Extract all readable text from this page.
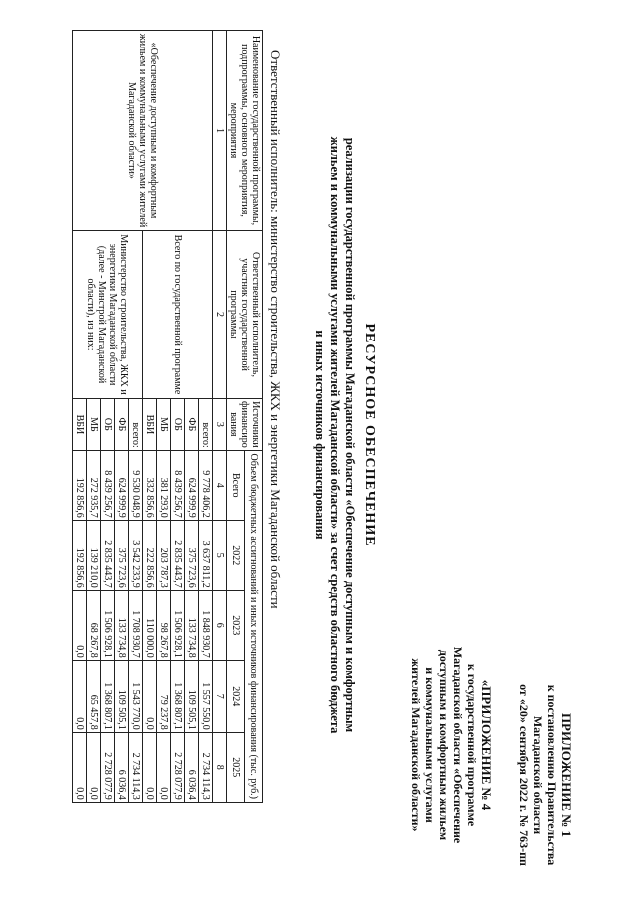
ПРИЛОЖЕНИЕ № 1
к постановлению Правительства
Магаданской области
от «20» сентября 2022 г. № 763-пп
«ПРИЛОЖЕНИЕ № 4
к государственной программе
Магаданской области «Обеспечение
доступным и комфортным жильем
и коммунальными услугами
жителей Магаданской области»
РЕСУРСНОЕ ОБЕСПЕЧЕНИЕ
реализации государственной программы Магаданской области «Обеспечение доступным и комфортным
жильем и коммунальными услугами жителей Магаданской области» за счет средств областного бюджета
и иных источников финансирования
Ответственный исполнитель: министерство строительства, ЖКХ и энергетики Магаданской области
Наименование государственной программы, подпрограммы, основного мероприятия, мероприятия	Ответственный исполнитель, участник государственной программы	Источники финансиро вания	Объем бюджетных ассигнований и иных источников финансирования (тыс. руб.)				
			Всего	2022	2023	2024	2025
1	2	3	4	5	6	7	8
«Обеспечение доступным и комфортным жильем и коммунальными услугами жителей Магаданской области»	Всего по государственной программе	всего:	9 778 406,2	3 637 811,2	1 848 930,7	1 557 550,0	2 734 114,3
		ФБ	624 999,9	375 723,6	133 734,8	109 505,1	6 036,4
		ОБ	8 439 256,7	2 835 443,7	1 506 928,1	1 368 807,1	2 728 077,9
		МБ	381 293,0	203 787,3	98 267,8	79 237,8	0,0
		ВБИ	332 856,6	222 856,6	110 000,0	0,0	0,0
	Министерство строительства, ЖКХ и энергетики Магаданской области (далее - Минстрой Магаданской области), из них:	всего:	9 530 048,9	3 542 233,9	1 708 930,7	1 543 770,0	2 734 114,3
		ФБ	624 999,9	375 723,6	133 734,8	109 505,1	6 036,4
		ОБ	8 439 256,7	2 835 443,7	1 506 928,1	1 368 807,1	2 728 077,9
		МБ	272 935,7	139 210,0	68 267,8	65 457,8	0,0
		ВБИ	192 856,6	192 856,6	0,0	0,0	0,0
